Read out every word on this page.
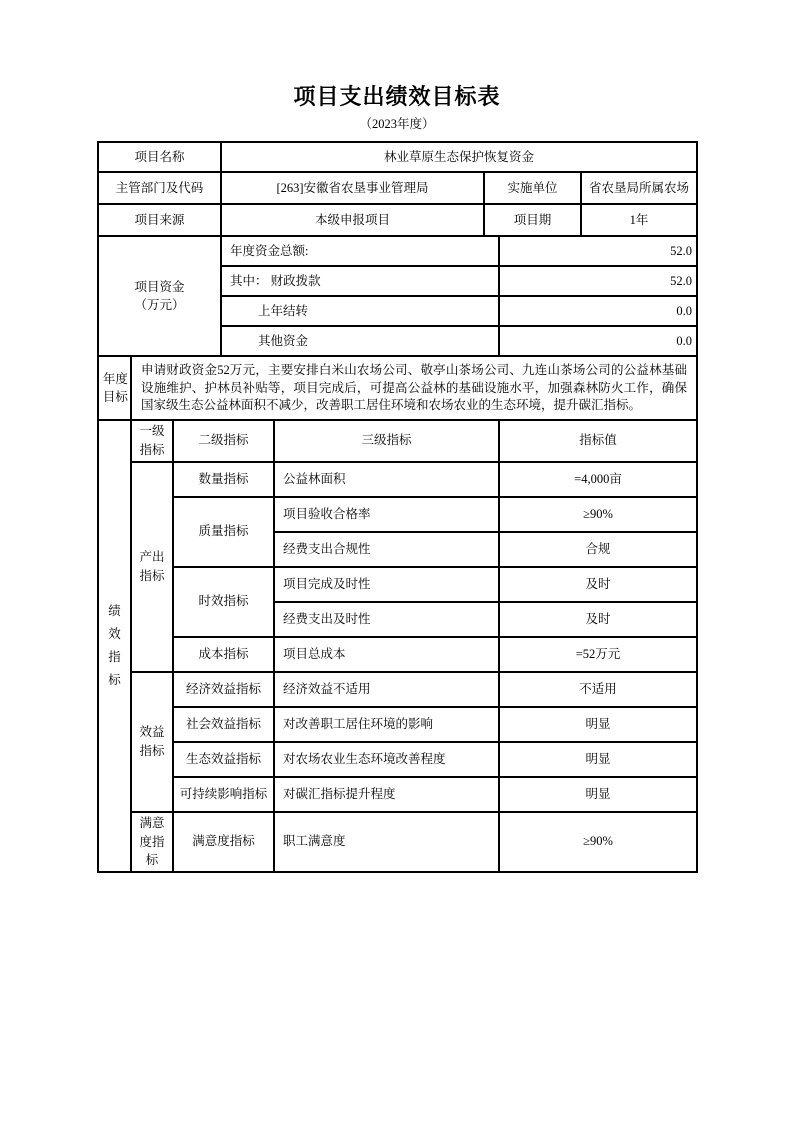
项目支出绩效目标表
（2023年度）
项目名称			林业草原生态保护恢复资金				
主管部门及代码			[263]安徽省农垦事业管理局		实施单位		省农垦局所属农场
项目来源			本级申报项目		项目期		1年
项目资金（万元）			年度资金总额:			52.0	
			其中： 财政拨款			52.0	
			上年结转			0.0	
			其他资金			0.0	
年度目标	申请财政资金52万元，主要安排白米山农场公司、敬亭山茶场公司、九连山茶场公司的公益林基础设施维护、护林员补贴等，项目完成后，可提高公益林的基础设施水平，加强森林防火工作，确保国家级生态公益林面积不减少，改善职工居住环境和农场农业的生态环境，提升碳汇指标。						
绩效指标	一级指标	二级指标		三级指标		指标值	
	产出指标	数量指标		公益林面积		=4,000亩	
		质量指标		项目验收合格率		≥90%	
				经费支出合规性		合规	
		时效指标		项目完成及时性		及时	
				经费支出及时性		及时	
		成本指标		项目总成本		=52万元	
	效益指标	经济效益指标		经济效益不适用		不适用	
		社会效益指标		对改善职工居住环境的影响		明显	
		生态效益指标		对农场农业生态环境改善程度		明显	
		可持续影响指标		对碳汇指标提升程度		明显	
	满意度指标	满意度指标		职工满意度		≥90%	
